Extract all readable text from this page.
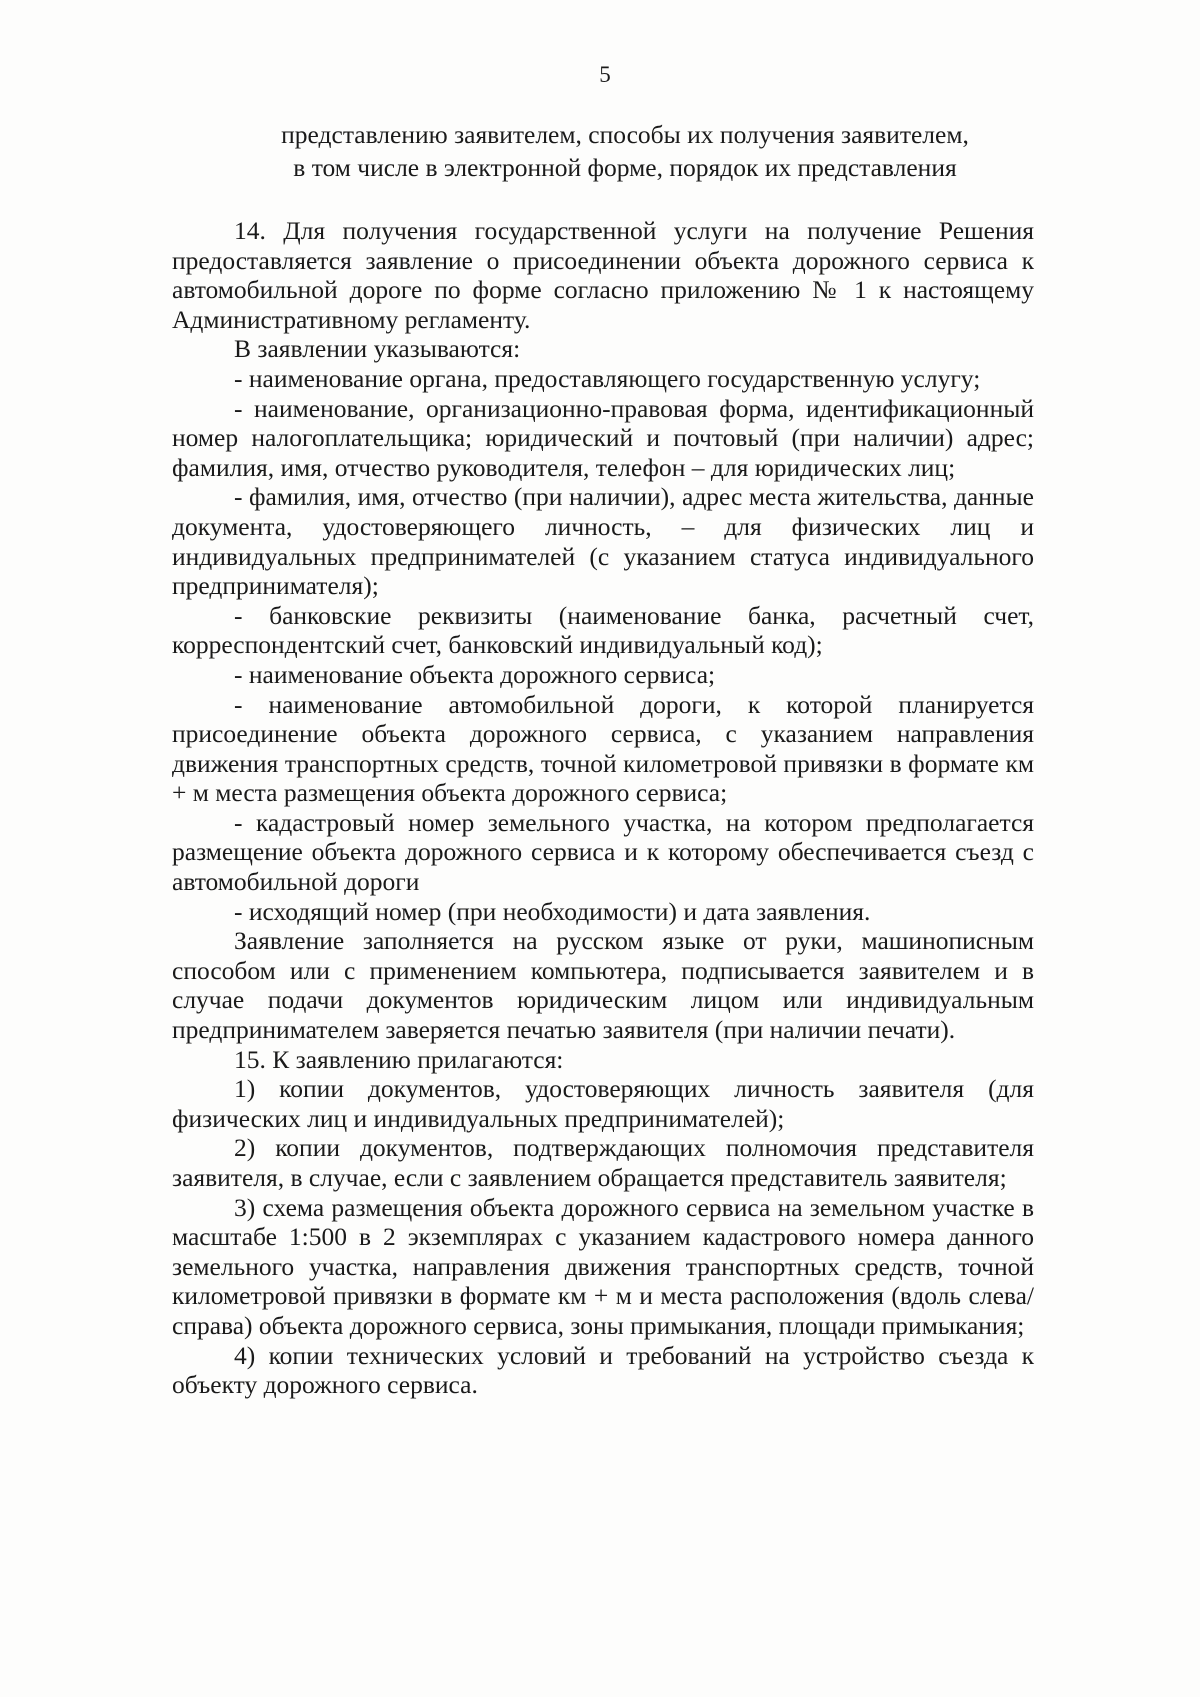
5
представлению заявителем, способы их получения заявителем,
в том числе в электронной форме, порядок их представления

14. Для получения государственной услуги на получение Решения предоставляется заявление о присоединении объекта дорожного сервиса к автомобильной дороге по форме согласно приложению № 1 к настоящему Административному регламенту.

В заявлении указываются:

- наименование органа, предоставляющего государственную услугу;

- наименование, организационно-правовая форма, идентификационный номер налогоплательщика; юридический и почтовый (при наличии) адрес; фамилия, имя, отчество руководителя, телефон – для юридических лиц;

- фамилия, имя, отчество (при наличии), адрес места жительства, данные документа, удостоверяющего личность, – для физических лиц и индивидуальных предпринимателей (с указанием статуса индивидуального предпринимателя);

- банковские реквизиты (наименование банка, расчетный счет, корреспондентский счет, банковский индивидуальный код);

- наименование объекта дорожного сервиса;

- наименование автомобильной дороги, к которой планируется присоединение объекта дорожного сервиса, с указанием направления движения транспортных средств, точной километровой привязки в формате км + м места размещения объекта дорожного сервиса;

- кадастровый номер земельного участка, на котором предполагается размещение объекта дорожного сервиса и к которому обеспечивается съезд с автомобильной дороги

- исходящий номер (при необходимости) и дата заявления.

Заявление заполняется на русском языке от руки, машинописным способом или с применением компьютера, подписывается заявителем и в случае подачи документов юридическим лицом или индивидуальным предпринимателем заверяется печатью заявителя (при наличии печати).

15. К заявлению прилагаются:

1) копии документов, удостоверяющих личность заявителя (для физических лиц и индивидуальных предпринимателей);

2) копии документов, подтверждающих полномочия представителя заявителя, в случае, если с заявлением обращается представитель заявителя;

3) схема размещения объекта дорожного сервиса на земельном участке в масштабе 1:500 в 2 экземплярах с указанием кадастрового номера данного земельного участка, направления движения транспортных средств, точной километровой привязки в формате км + м и места расположения (вдоль слева/справа) объекта дорожного сервиса, зоны примыкания, площади примыкания;

4) копии технических условий и требований на устройство съезда к объекту дорожного сервиса.
